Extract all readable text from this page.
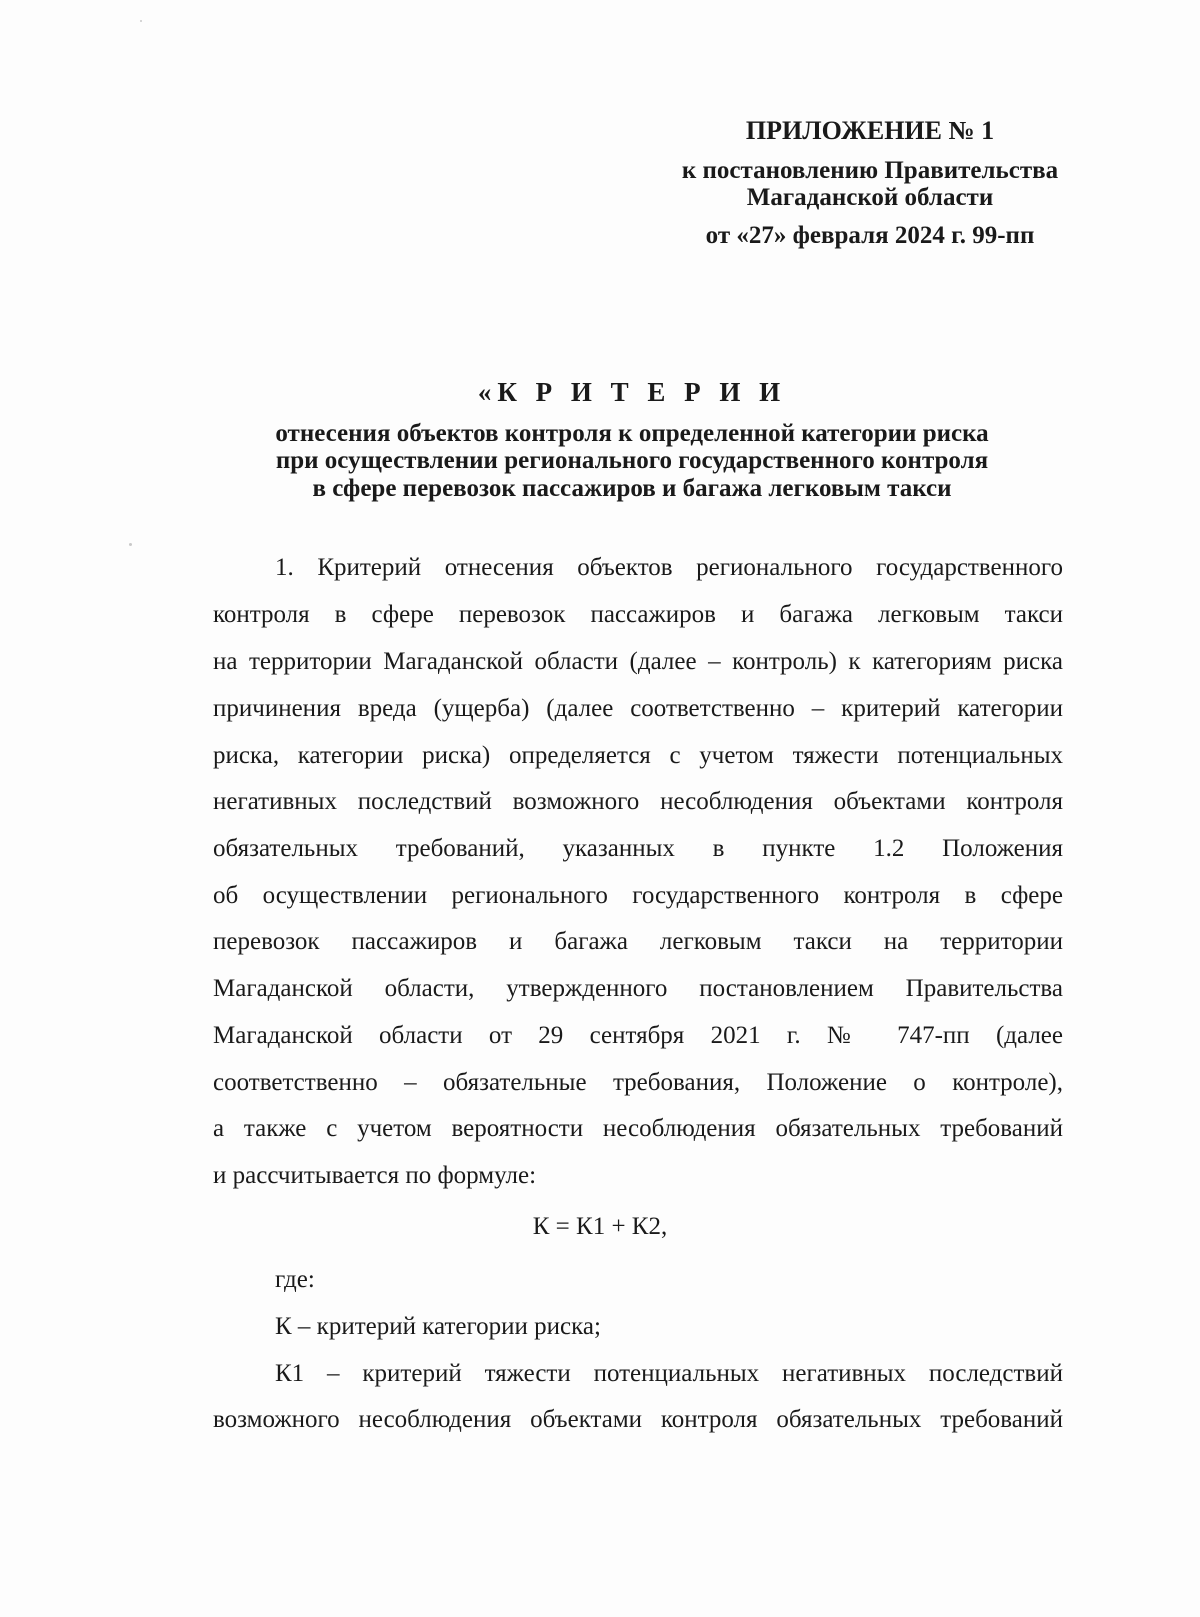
ПРИЛОЖЕНИЕ № 1
к постановлению Правительства
Магаданской области
от «27» февраля 2024 г. 99-пп
«К Р И Т Е Р И И
отнесения объектов контроля к определенной категории риска
при осуществлении регионального государственного контроля
в сфере перевозок пассажиров и багажа легковым такси
1. Критерий отнесения объектов регионального государственного
контроля в сфере перевозок пассажиров и багажа легковым такси
на территории Магаданской области (далее – контроль) к категориям риска
причинения вреда (ущерба) (далее соответственно – критерий категории
риска, категории риска) определяется с учетом тяжести потенциальных
негативных последствий возможного несоблюдения объектами контроля
обязательных требований, указанных в пункте 1.2 Положения
об осуществлении регионального государственного контроля в сфере
перевозок пассажиров и багажа легковым такси на территории
Магаданской области, утвержденного постановлением Правительства
Магаданской области от 29 сентября 2021 г. № 747-пп (далее
соответственно – обязательные требования, Положение о контроле),
а также с учетом вероятности несоблюдения обязательных требований
и рассчитывается по формуле:
где:
К – критерий категории риска;
К1 – критерий тяжести потенциальных негативных последствий
возможного несоблюдения объектами контроля обязательных требований
К = К1 + К2,
